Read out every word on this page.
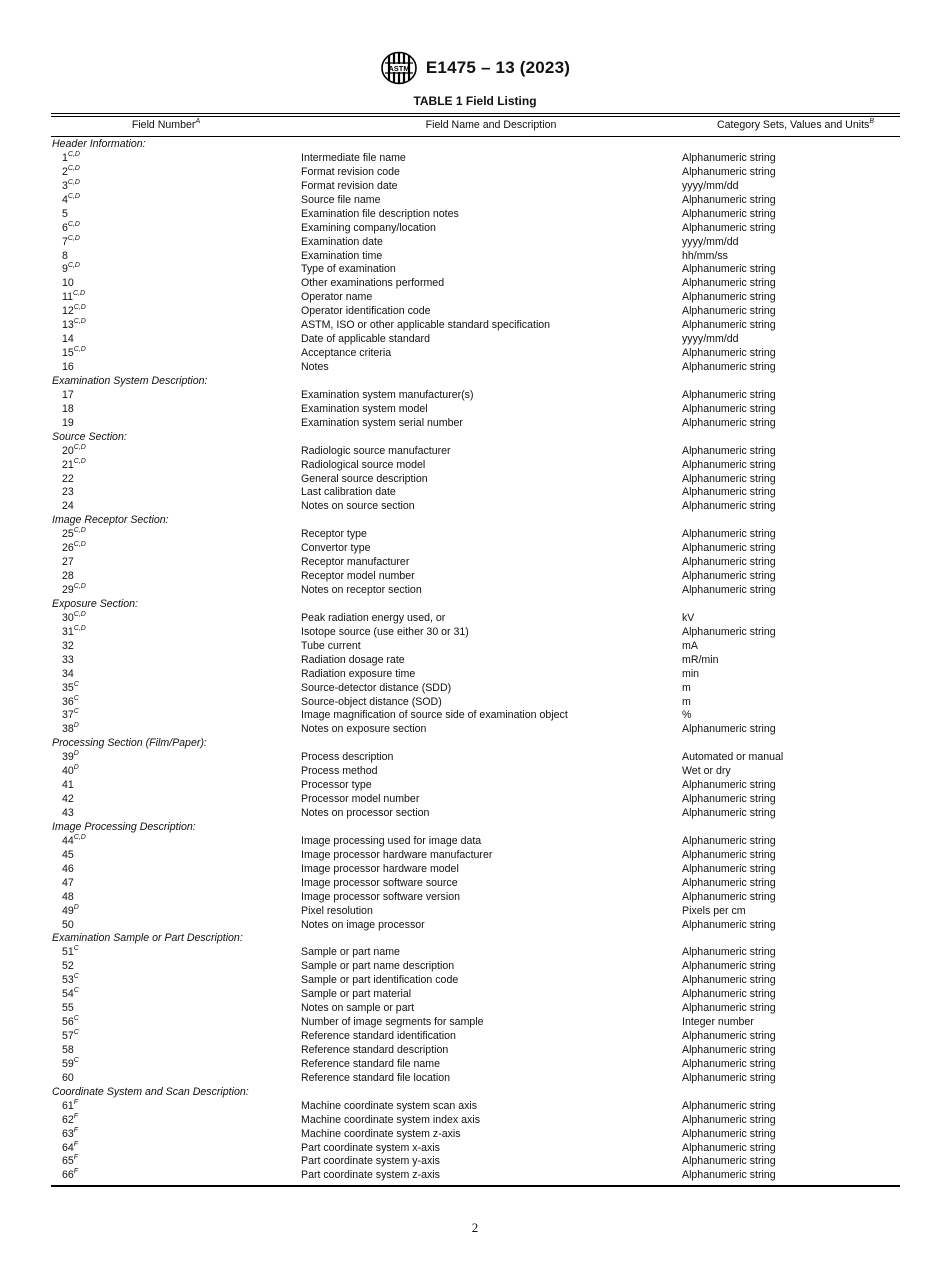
ASTM E1475 – 13 (2023)
TABLE 1 Field Listing
Field Number$^A$	Field Name and Description	Category Sets, Values and Units$^B$
Header Information:
$1^{C,D}$	Intermediate file name	Alphanumeric string
$2^{C,D}$	Format revision code	Alphanumeric string
$3^{C,D}$	Format revision date	yyyy/mm/dd
$4^{C,D}$	Source file name	Alphanumeric string
5	Examination file description notes	Alphanumeric string
$6^{C,D}$	Examining company/location	Alphanumeric string
$7^{C,D}$	Examination date	yyyy/mm/dd
8	Examination time	hh/mm/ss
$9^{C,D}$	Type of examination	Alphanumeric string
10	Other examinations performed	Alphanumeric string
$11^{C,D}$	Operator name	Alphanumeric string
$12^{C,D}$	Operator identification code	Alphanumeric string
$13^{C,D}$	ASTM, ISO or other applicable standard specification	Alphanumeric string
14	Date of applicable standard	yyyy/mm/dd
$15^{C,D}$	Acceptance criteria	Alphanumeric string
16	Notes	Alphanumeric string
Examination System Description:
17	Examination system manufacturer(s)	Alphanumeric string
18	Examination system model	Alphanumeric string
19	Examination system serial number	Alphanumeric string
Source Section:
$20^{C,D}$	Radiologic source manufacturer	Alphanumeric string
$21^{C,D}$	Radiological source model	Alphanumeric string
22	General source description	Alphanumeric string
23	Last calibration date	Alphanumeric string
24	Notes on source section	Alphanumeric string
Image Receptor Section:
$25^{C,D}$	Receptor type	Alphanumeric string
$26^{C,D}$	Convertor type	Alphanumeric string
27	Receptor manufacturer	Alphanumeric string
28	Receptor model number	Alphanumeric string
$29^{C,D}$	Notes on receptor section	Alphanumeric string
Exposure Section:
$30^{C,D}$	Peak radiation energy used, or	kV
$31^{C,D}$	Isotope source (use either 30 or 31)	Alphanumeric string
32	Tube current	mA
33	Radiation dosage rate	mR/min
34	Radiation exposure time	min
$35^C$	Source-detector distance (SDD)	m
$36^C$	Source-object distance (SOD)	m
$37^C$	Image magnification of source side of examination object	%
$38^D$	Notes on exposure section	Alphanumeric string
Processing Section (Film/Paper):
$39^D$	Process description	Automated or manual
$40^D$	Process method	Wet or dry
41	Processor type	Alphanumeric string
42	Processor model number	Alphanumeric string
43	Notes on processor section	Alphanumeric string
Image Processing Description:
$44^{C,D}$	Image processing used for image data	Alphanumeric string
45	Image processor hardware manufacturer	Alphanumeric string
46	Image processor hardware model	Alphanumeric string
47	Image processor software source	Alphanumeric string
48	Image processor software version	Alphanumeric string
$49^D$	Pixel resolution	Pixels per cm
50	Notes on image processor	Alphanumeric string
Examination Sample or Part Description:
$51^C$	Sample or part name	Alphanumeric string
52	Sample or part name description	Alphanumeric string
$53^C$	Sample or part identification code	Alphanumeric string
$54^C$	Sample or part material	Alphanumeric string
55	Notes on sample or part	Alphanumeric string
$56^C$	Number of image segments for sample	Integer number
$57^C$	Reference standard identification	Alphanumeric string
58	Reference standard description	Alphanumeric string
$59^C$	Reference standard file name	Alphanumeric string
60	Reference standard file location	Alphanumeric string
Coordinate System and Scan Description:
$61^F$	Machine coordinate system scan axis	Alphanumeric string
$62^F$	Machine coordinate system index axis	Alphanumeric string
$63^F$	Machine coordinate system z-axis	Alphanumeric string
$64^F$	Part coordinate system x-axis	Alphanumeric string
$65^F$	Part coordinate system y-axis	Alphanumeric string
$66^F$	Part coordinate system z-axis	Alphanumeric string
2
